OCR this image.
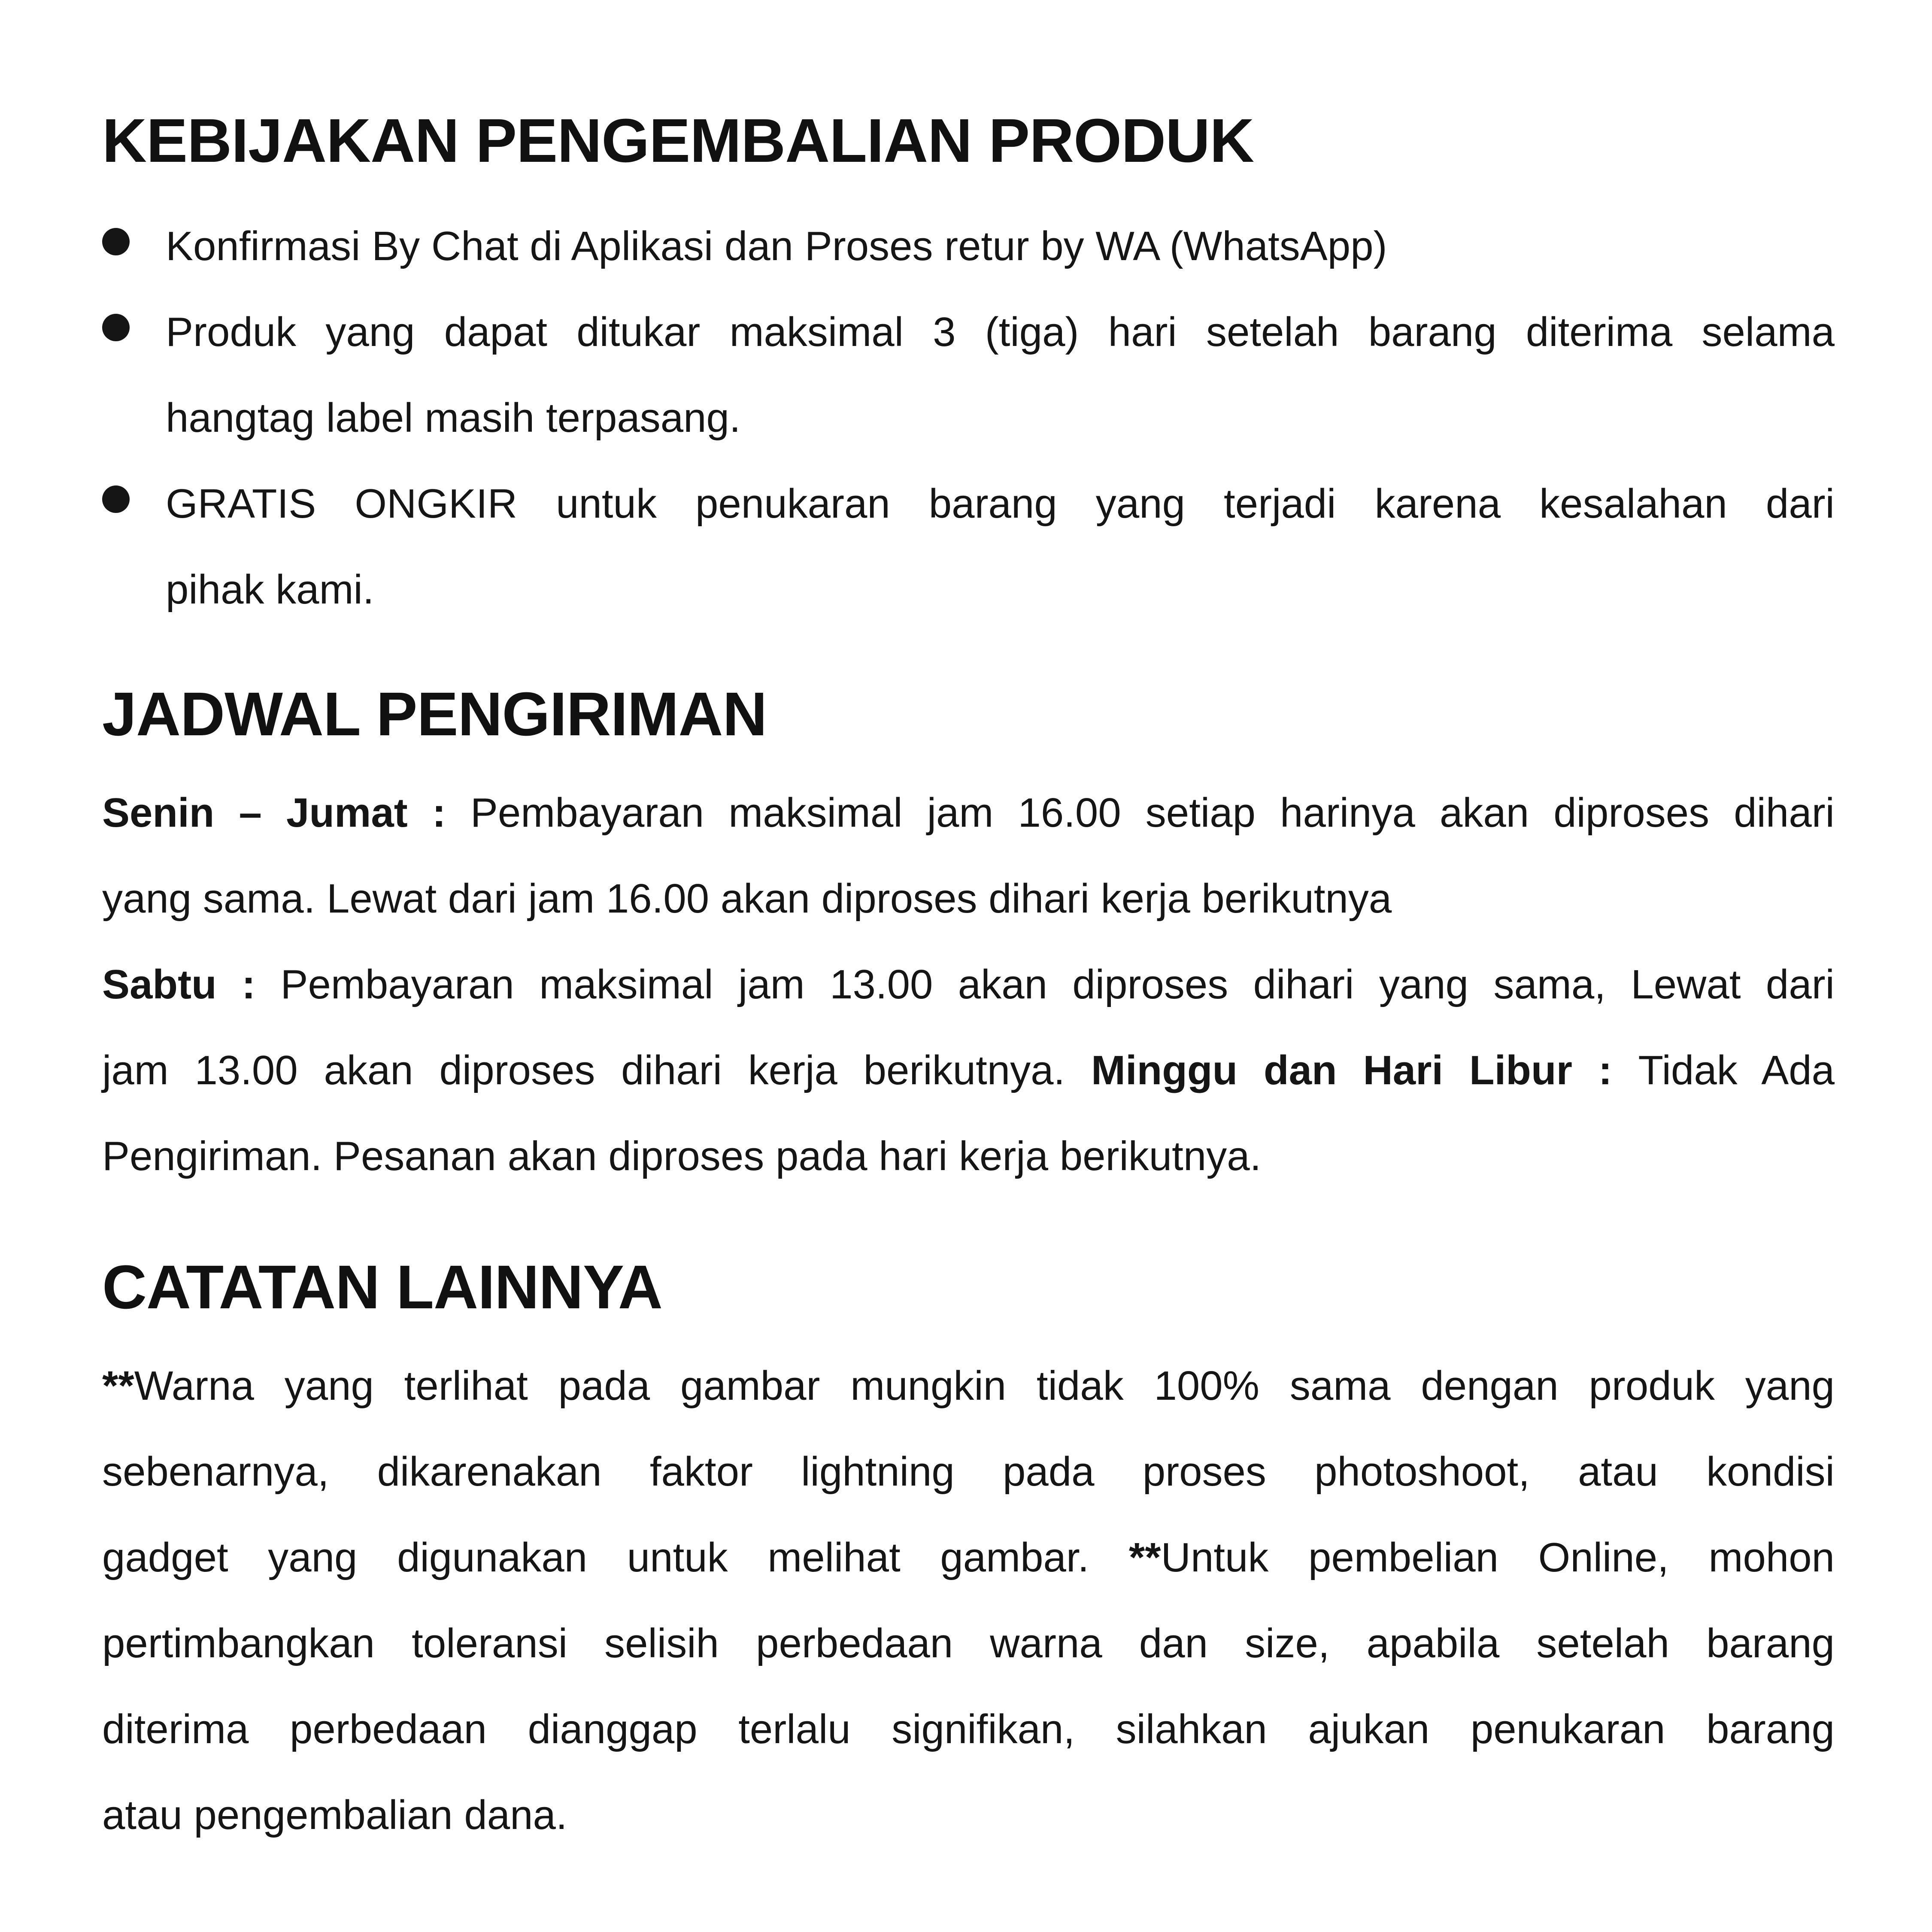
KEBIJAKAN PENGEMBALIAN PRODUK
Konfirmasi By Chat di Aplikasi dan Proses retur by WA (WhatsApp)
Produk yang dapat ditukar maksimal 3 (tiga) hari setelah barang diterima selama
hangtag label masih terpasang.
GRATIS ONGKIR untuk penukaran barang yang terjadi karena kesalahan dari
pihak kami.
JADWAL PENGIRIMAN
Senin – Jumat : Pembayaran maksimal jam 16.00 setiap harinya akan diproses dihari
yang sama. Lewat dari jam 16.00 akan diproses dihari kerja berikutnya
Sabtu : Pembayaran maksimal jam 13.00 akan diproses dihari yang sama, Lewat dari
jam 13.00 akan diproses dihari kerja berikutnya. Minggu dan Hari Libur : Tidak Ada
Pengiriman. Pesanan akan diproses pada hari kerja berikutnya.
CATATAN LAINNYA
**Warna yang terlihat pada gambar mungkin tidak 100% sama dengan produk yang
sebenarnya, dikarenakan faktor lightning pada proses photoshoot, atau kondisi
gadget yang digunakan untuk melihat gambar. **Untuk pembelian Online, mohon
pertimbangkan toleransi selisih perbedaan warna dan size, apabila setelah barang
diterima perbedaan dianggap terlalu signifikan, silahkan ajukan penukaran barang
atau pengembalian dana.
